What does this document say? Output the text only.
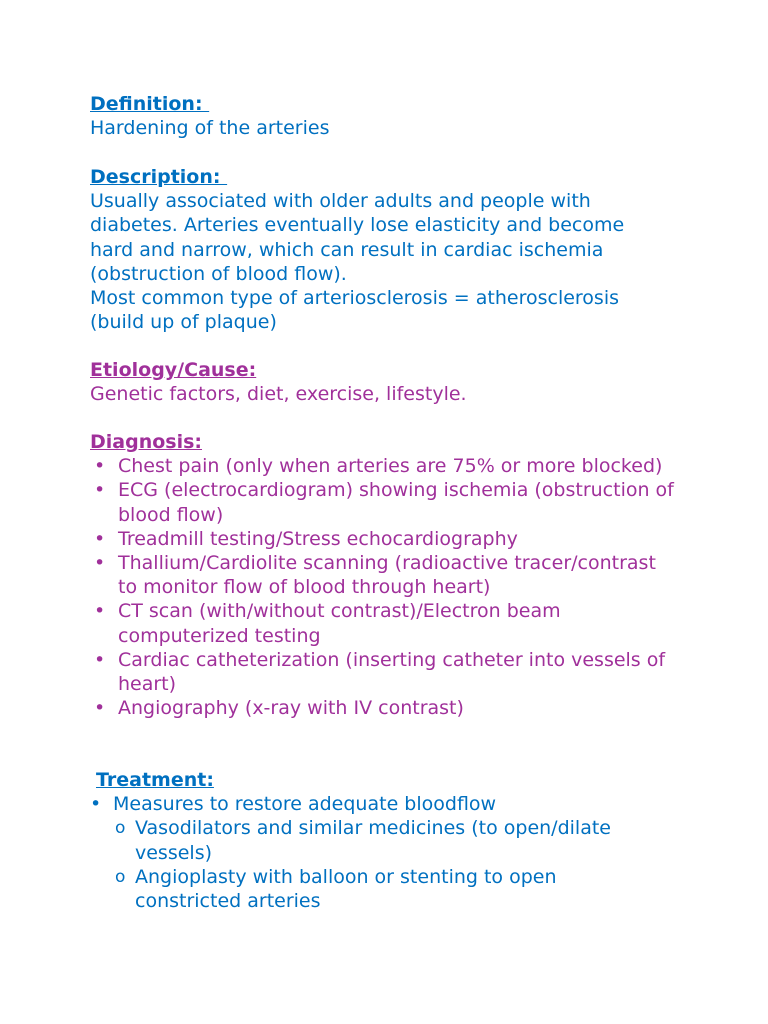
Definition:
Hardening of the arteries
Description:
Usually associated with older adults and people with diabetes. Arteries eventually lose elasticity and become hard and narrow, which can result in cardiac ischemia (obstruction of blood flow).
Most common type of arteriosclerosis = atherosclerosis (build up of plaque)
Etiology/Cause:
Genetic factors, diet, exercise, lifestyle.
Diagnosis:
• Chest pain (only when arteries are 75% or more blocked)
• ECG (electrocardiogram) showing ischemia (obstruction of blood flow)
• Treadmill testing/Stress echocardiography
• Thallium/Cardiolite scanning (radioactive tracer/contrast to monitor flow of blood through heart)
• CT scan (with/without contrast)/Electron beam computerized testing
• Cardiac catheterization (inserting catheter into vessels of heart)
• Angiography (x-ray with IV contrast)
Treatment:
• Measures to restore adequate bloodflow
o Vasodilators and similar medicines (to open/dilate vessels)
o Angioplasty with balloon or stenting to open constricted arteries
